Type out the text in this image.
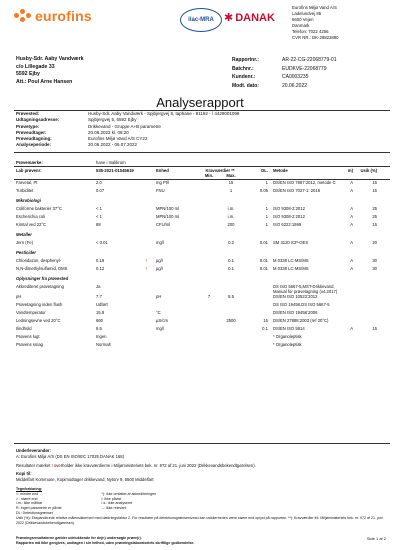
eurofins	ilac-MRA ✱ DANAK
Eurofins Miljø Vand A/S
Ladelundvej 85
6600 Vejen
Danmark
Telefon: 7022 4256
CVR NR.: DK-29822880
Husby-Sdr. Aaby Vandværk
c/o Lillegade 33
5592 Ejby
Att.: Poul Arne Hansen
Rapportnr.:	AR-22-CG-22068779-01
Batchnr.:	EUDKVE-22068779
Kundenr.:	CA0003235
Modt. dato:	20.06.2022
Analyserapport
Prøvested:	Husby-Sdr. Aaby Vandværk - Spjbjergvej 5, taphane - 81192 - / 4429001098
Udtagningsadresse:	Spjbjergvej 5, 5592 Ejby
Prøvetype:	Drikkevand - Gruppe A+B parametre
Prøveudtager:	20.06.2022 kl. 08:20
Prøveudtagning:	Eurofins Miljø Vand A/S CY22
Analyseperiode:	20.06.2022 - 06.07.2022
Prøvemærke:	hane i malikrum
Lab prøvenr:	535-2021-01045619	Enhed	Kravværdier **
Min.	Max.
DL.	Metode	m)	Usik (%)
Farvetal, Pt	2.0	mg Pt/l	15	1	DS/EN ISO 7887:2012, metode C	A	15
Turbiditet	0.07	FNU	1	0.05	DS/EN ISO 7027-1: 2016	A	15
Mikrobiologi
Coliforme bakterier 37°C	< 1	MPN/100 ml	i.m.	1	ISO 9308-2:2012	A	25
Escherichia coli	< 1	MPN/100 ml	i.m.	1	ISO 9308-2:2012	A	25
Kimtal ved 22°C	88	CFU/ml	200	1	ISO 6222:1999	A	15
Metaller
Jern (Fe)	< 0.01	mg/l	0.2	0.01	SM 3120 ICP-OES	A	20
Pesticider
Chloridazon, desphenyl-	0.19	!	µg/l	0.1	0.01	M 0336 LC-MS/MS	A	30
N,N-dimethylsulfamid, DMS	0.12	!	µg/l	0.1	0.01	M 0336 LC-MS/MS	A	30
Oplysninger fra prøvested
Akkrediteret prøvetagning	Ja	DS ISO 5667-5,MST-Drikkevand, Manual for prøvetagning (v4.2017)
pH	7.7	pH	7	8.5	DS/EN ISO 10523:2012
Prøvetagning inden flush	Udført	DS ISO 19458,DS ISO 5667-5
Vandtemperatur	15.8	°C	DS/EN ISO 19458:2006
Ledningsevne ved 20°C	660	µS/cm	2500	15	DS/EN 27888:2003 (ref 20°C)
Ilindhold	9.5	mg/l	0.1	DS/EN ISO 5814	A	15
Prøvens lugt	Ingen	* Organoleptisk
Prøvens smag	Normalt	* Organoleptisk
Underleverandør:
A: Eurofins Miljø A/S (DS EN ISO/IEC 17025 DANAK 168)
Resultater mærket ! overholder ikke kravværdierne i Miljøministeriets bek. nr. 972 af 21. juni 2022 (Drikkevandsbekendtgørelsen).
Kopi til:
Middelfart Kommune, Kopimodtager drikkevand, Nytorv 9, 5500 Middelfart
Tegnforklaring:
<: mindre end
> : større end
i.m.: ikke målbar
R: Ingen parametre er påvist
DL: Detektionsgrænser
*): ikke omfattet af akkrediteringen
i: ikke påvist
i.s.: ikke analyseret
--: Ikke relevant
Usik (%): Ekspanderede relative måleusikkerhed med dækningsfaktor 2. For resultater på detektionsgrænseniveau kan usikkerheden være større end oplyst på rapporten. **): Kravværdier iht. Miljøministeriets bek. nr. 972 af 21. juni 2022 (Drikkevandsbekendtgørelsen).
Prøvningsresultaterne gælder udelukkende for de(n) undersøgte prøve(r).
Rapporten må ikke gengives, undtagen i sin helhed, uden prøvningslaboratoriets skriftlige godkendelse.
Side 1 af 2
